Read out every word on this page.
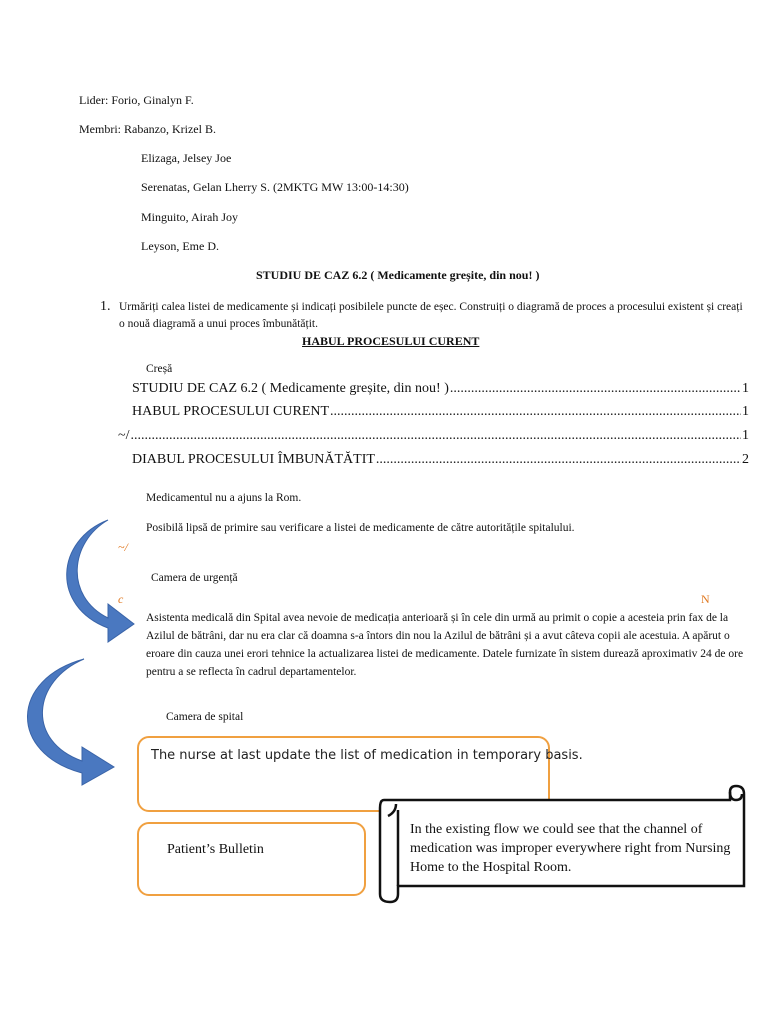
Lider: Forio, Ginalyn F.
Membri: Rabanzo, Krizel B.
Elizaga, Jelsey Joe
Serenatas, Gelan Lherry S. (2MKTG MW 13:00-14:30)
Minguito, Airah Joy
Leyson, Eme D.
STUDIU DE CAZ 6.2 ( Medicamente greșite, din nou! )
1. Urmăriți calea listei de medicamente și indicați posibilele puncte de eșec. Construiți o diagramă de proces a procesului existent și creați o nouă diagramă a unui proces îmbunătățit.
HABUL PROCESULUI CURENT
Creșă
STUDIU DE CAZ 6.2 ( Medicamente greșite, din nou! ) .....	1
HABUL PROCESULUI CURENT .....	1
~/ .....	1
DIABUL PROCESULUI ÎMBUNĂTĂTIT .....	2
Medicamentul nu a ajuns la Rom.
Posibilă lipsă de primire sau verificare a listei de medicamente de către autoritățile spitalului.
~/
Camera de urgență
c	N
Asistenta medicală din Spital avea nevoie de medicația anterioară și în cele din urmă au primit o copie a acesteia prin fax de la Azilul de bătrâni, dar nu era clar că doamna s-a întors din nou la Azilul de bătrâni și a avut câteva copii ale acestuia. A apărut o eroare din cauza unei erori tehnice la actualizarea listei de medicamente. Datele furnizate în sistem durează aproximativ 24 de ore pentru a se reflecta în cadrul departamentelor.
Camera de spital
The nurse at last update the list of medication in temporary basis.
Patient’s Bulletin
In the existing flow we could see that the channel of medication was improper everywhere right from Nursing Home to the Hospital Room.
